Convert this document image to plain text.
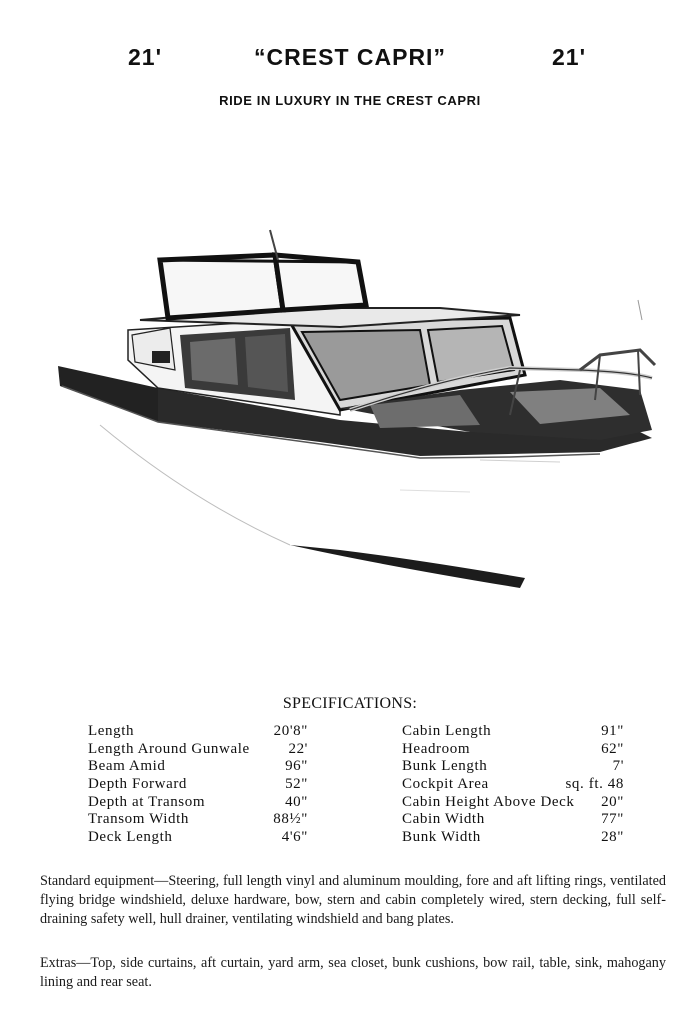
21'	“CREST CAPRI”	21'
RIDE IN LUXURY IN THE CREST CAPRI
SPECIFICATIONS:
Length	20'8"
Length Around Gunwale	22'
Beam Amid	96"
Depth Forward	52"
Depth at Transom	40"
Transom Width	88½"
Deck Length	4'6"
Cabin Length	91"
Headroom	62"
Bunk Length	7'
Cockpit Area	sq. ft. 48
Cabin Height Above Deck 20"
Cabin Width	77"
Bunk Width	28"

Standard equipment—Steering, full length vinyl and aluminum moulding, fore and aft lifting rings, ventilated flying bridge windshield, deluxe hardware, bow, stern and cabin completely wired, stern decking, full self-draining safety well, hull drainer, ventilating windshield and bang plates.

Extras—Top, side curtains, aft curtain, yard arm, sea closet, bunk cushions, bow rail, table, sink, mahogany lining and rear seat.
